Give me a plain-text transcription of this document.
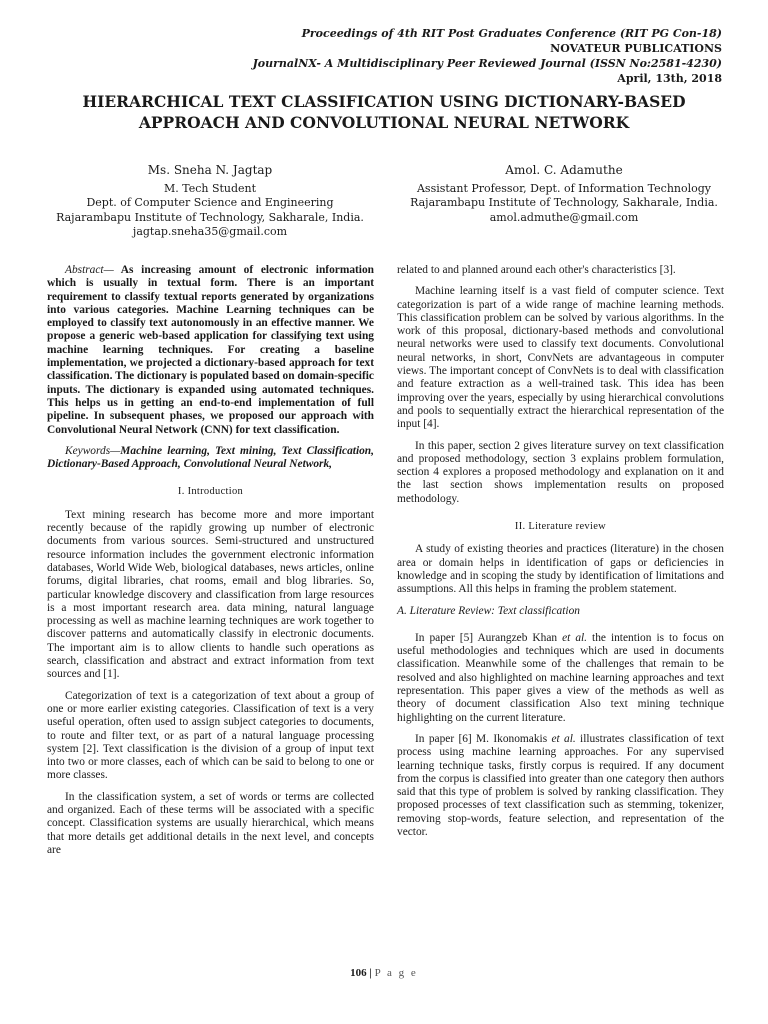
Proceedings of 4th RIT Post Graduates Conference (RIT PG Con-18)
NOVATEUR PUBLICATIONS
JournalNX- A Multidisciplinary Peer Reviewed Journal (ISSN No:2581-4230)
April, 13th, 2018
HIERARCHICAL TEXT CLASSIFICATION USING DICTIONARY-BASED APPROACH AND CONVOLUTIONAL NEURAL NETWORK
Ms. Sneha N. Jagtap
M. Tech Student
Dept. of Computer Science and Engineering
Rajarambapu Institute of Technology, Sakharale, India.
jagtap.sneha35@gmail.com
Amol. C. Adamuthe
Assistant Professor, Dept. of Information Technology
Rajarambapu Institute of Technology, Sakharale, India.
amol.admuthe@gmail.com

Abstract— As increasing amount of electronic information which is usually in textual form. There is an important requirement to classify textual reports generated by organizations into various categories. Machine Learning techniques can be employed to classify text autonomously in an effective manner. We propose a generic web-based application for classifying text using machine learning techniques. For creating a baseline implementation, we projected a dictionary-based approach for text classification. The dictionary is populated based on domain-specific inputs. The dictionary is expanded using automated techniques. This helps us in getting an end-to-end implementation of full pipeline. In subsequent phases, we proposed our approach with Convolutional Neural Network (CNN) for text classification.

Keywords—Machine learning, Text mining, Text Classification, Dictionary-Based Approach, Convolutional Neural Network,

I. Introduction

Text mining research has become more and more important recently because of the rapidly growing up number of electronic documents from various sources. Semi-structured and unstructured resource information includes the government electronic information databases, World Wide Web, biological databases, news articles, online forums, digital libraries, chat rooms, email and blog libraries. So, particular knowledge discovery and classification from large resources is a most important research area. data mining, natural language processing as well as machine learning techniques are work together to discover patterns and automatically classify in electronic documents. The important aim is to allow clients to handle such operations as search, classification and abstract and extract information from text sources and [1].

Categorization of text is a categorization of text about a group of one or more earlier existing categories. Classification of text is a very useful operation, often used to assign subject categories to documents, to route and filter text, or as part of a natural language processing system [2]. Text classification is the division of a group of input text into two or more classes, each of which can be said to belong to one or more classes.

In the classification system, a set of words or terms are collected and organized. Each of these terms will be associated with a specific concept. Classification systems are usually hierarchical, which means that more details get additional details in the next level, and concepts are

related to and planned around each other's characteristics [3].

Machine learning itself is a vast field of computer science. Text categorization is part of a wide range of machine learning methods. This classification problem can be solved by various algorithms. In the work of this proposal, dictionary-based methods and convolutional neural networks were used to classify text documents. Convolutional neural networks, in short, ConvNets are advantageous in computer views. The important concept of ConvNets is to deal with classification and feature extraction as a well-trained task. This idea has been improving over the years, especially by using hierarchical convolutions and pools to sequentially extract the hierarchical representation of the input [4].

In this paper, section 2 gives literature survey on text classification and proposed methodology, section 3 explains problem formulation, section 4 explores a proposed methodology and explanation on it and the last section shows implementation results on proposed methodology.

II. Literature review

A study of existing theories and practices (literature) in the chosen area or domain helps in identification of gaps or deficiencies in knowledge and in scoping the study by identification of limitations and assumptions. All this helps in framing the problem statement.

A. Literature Review: Text classification

In paper [5] Aurangzeb Khan et al. the intention is to focus on useful methodologies and techniques which are used in documents classification. Meanwhile some of the challenges that remain to be resolved and also highlighted on machine learning approaches and text representation. This paper gives a view of the methods as well as theory of document classification Also text mining technique highlighting on the current literature.

In paper [6] M. Ikonomakis et al. illustrates classification of text process using machine learning approaches. For any supervised learning technique tasks, firstly corpus is required. If any document from the corpus is classified into greater than one category then authors said that this type of problem is solved by ranking classification. They proposed processes of text classification such as stemming, tokenizer, removing stop-words, feature selection, and representation of the vector.

106 | P a g e
